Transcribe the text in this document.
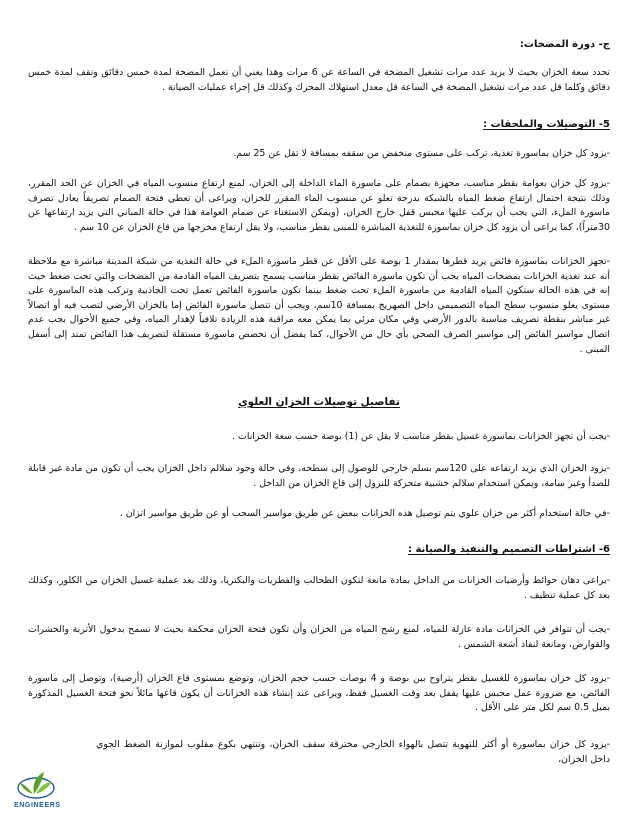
ج- دورة المضخات:
تحدد سعة الخزان بحيث لا يزيد عدد مرات تشغيل المضخة في الساعة عن 6 مرات وهذا يعني أن تعمل المضخة لمدة خمس دقائق وتقف لمدة خمس دقائق وكلما قل عدد مرات تشغيل المضخة في الساعة قل معدل استهلاك المحرك وكذلك قل إجراء عمليات الصيانة .
5- التوصيلات والملحقات :
-يزود كل خزان بماسورة تغذية، تركب على مستوى منخفض من سقفه بمسافة لا تقل عن 25 سم.
-يزود كل خزان بعوامة بقطر مناسب، مجهزة بصمام على ماسورة الماء الداخلة إلى الخزان، لمنع ارتفاع منسوب المياه في الخزان عن الحد المقرر، وذلك نتيجة احتمال ارتفاع ضغط المياه بالشبكة بدرجة تعلو عن منسوب الماء المقرر للخزان، ويراعى أن تعطي فتحة الصمام تصريفاً يعادل تصرف ماسورة الملء، التي يجب أن يركب عليها محبس قفل خارج الخزان، (ويمكن الاستغناء عن صمام العوامة هذا في حالة المباني التي يزيد ارتفاعها عن 30متراً)، كما يراعى أن يزود كل خزان بماسورة للتغذية المباشرة للمبنى بقطر مناسب، ولا يقل ارتفاع مخرجها من قاع الخزان عن 10 سم .
-تجهز الخزانات بماسورة فائض يزيد قطرها بمقدار 1 بوصة على الأقل عن قطر ماسورة الملء في حالة التغذية من شبكة المدينة مباشرة مع ملاحظة أنه عند تغذية الخزانات بمضخات المياه يجب أن تكون ماسورة الفائض بقطر مناسب يسمح بتصريف المياه القادمة من المضخات والتي تحت ضغط حيث إنه في هذه الحالة ستكون المياه القادمة من ماسورة الملء تحت ضغط بينما تكون ماسورة الفائض تعمل تحت الجاذبية وتركب هذه الماسورة على مستوى يعلو منسوب سطح المياه التصميمي داخل الصهريج بمسافة 10سم، ويجب أن تتصل ماسورة الفائض إما بالخزان الأرضي لتصب فيه أو اتصالاً غير مباشر بنقطة تصريف مناسبة بالدور الأرضي وفي مكان مرئي بما يمكن معه مراقبة هذه الزيادة تلافياً لإهدار المياه، وفي جميع الأحوال يجب عدم اتصال مواسير الفائض إلى مواسير الصرف الصحي بأي حال من الأحوال، كما يفضل أن تخصص ماسورة مستقلة لتصريف هذا الفائض تمتد إلى أسفل المبنى .
تفاصيل توصيلات الخزان العلوي
-يجب أن تجهز الخزانات بماسورة غسيل بقطر مناسب لا يقل عن (1) بوصة حسب سعة الخزانات .
-يزود الخزان الذي يزيد ارتفاعه على 120سم بسلم خارجي للوصول إلى سطحه، وفي حالة وجود سلالم داخل الخزان يجب أن تكون من مادة غير قابلة للصدأ وغير سامة، ويمكن استخدام سلالم خشبية متحركة للنزول إلى قاع الخزان من الداخل .
-في حالة استخدام أكثر من خزان علوي يتم توصيل هذه الخزانات ببعض عن طريق مواسير السحب أو عن طريق مواسير اتزان .
6- اشتراطات التصميم والتنفيذ والصيانة :
-يراعى دهان حوائط وأرضيات الخزانات من الداخل بمادة مانعة لتكون الطحالب والفطريات والبكتريا، وذلك بعد عملية غسيل الخزان من الكلور، وكذلك بعد كل عملية تنظيف .
-يجب أن تتوافر في الخزانات مادة عازلة للمياه، لمنع رشح المياه من الخزان وأن تكون فتحة الخزان محكمة بحيث لا تسمح بدخول الأتربة والحشرات والقوارض، ومانعة لنفاذ أشعة الشمس .
-يزود كل خزان بماسورة للغسيل بقطر يتراوح بين بوصة و 4 بوصات حسب حجم الخزان، وتوضع بمستوى قاع الخزان (أرضية)، وتوصل إلى ماسورة الفائض، مع ضرورة عمل محبس عليها يقفل بعد وقت الغسيل فقط، ويراعى عند إنشاء هذه الخزانات أن يكون قاعها مائلاً نحو فتحة الغسيل المذكورة بميل 0.5 سم لكل متر على الأقل .
-يزود كل خزان بماسورة أو أكثر للتهوية تتصل بالهواء الخارجي مخترقة سقف الخزان، وتنتهي بكوع مقلوب لموازنة الضغط الجوي داخل الخزان،
ENGINEERS
